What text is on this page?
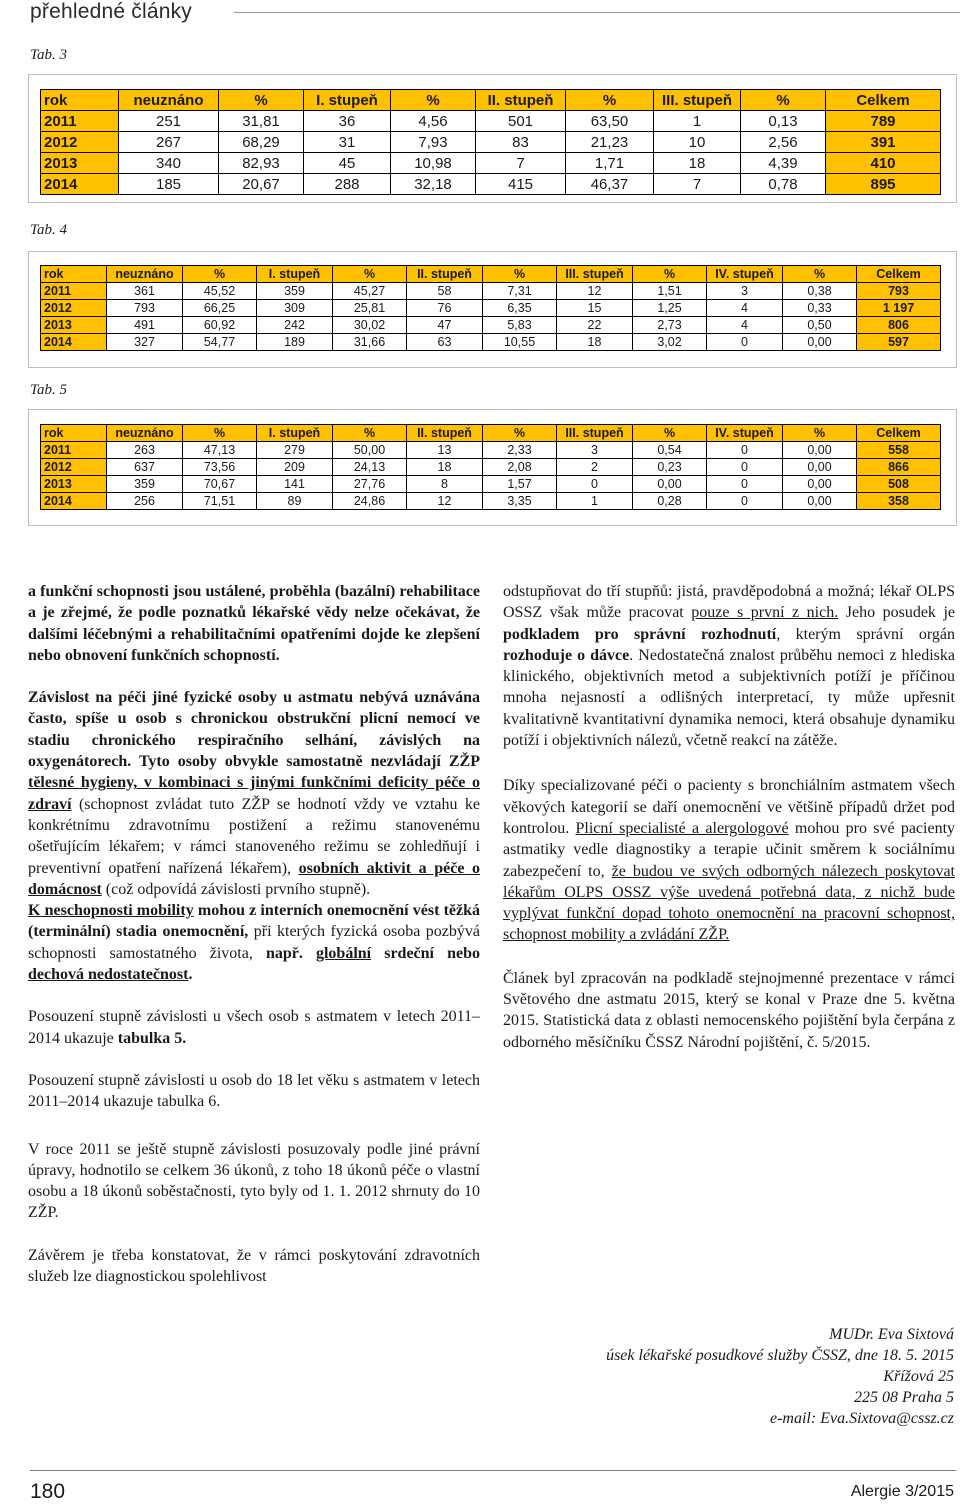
přehledné články
Tab. 3
rok	neuznáno	%	I. stupeň	%	II. stupeň	%	III. stupeň	%	Celkem
2011	251	31,81	36	4,56	501	63,50	1	0,13	789
2012	267	68,29	31	7,93	83	21,23	10	2,56	391
2013	340	82,93	45	10,98	7	1,71	18	4,39	410
2014	185	20,67	288	32,18	415	46,37	7	0,78	895
Tab. 4
rok	neuznáno	%	I. stupeň	%	II. stupeň	%	III. stupeň	%	IV. stupeň	%	Celkem
2011	361	45,52	359	45,27	58	7,31	12	1,51	3	0,38	793
2012	793	66,25	309	25,81	76	6,35	15	1,25	4	0,33	1 197
2013	491	60,92	242	30,02	47	5,83	22	2,73	4	0,50	806
2014	327	54,77	189	31,66	63	10,55	18	3,02	0	0,00	597
Tab. 5
rok	neuznáno	%	I. stupeň	%	II. stupeň	%	III. stupeň	%	IV. stupeň	%	Celkem
2011	263	47,13	279	50,00	13	2,33	3	0,54	0	0,00	558
2012	637	73,56	209	24,13	18	2,08	2	0,23	0	0,00	866
2013	359	70,67	141	27,76	8	1,57	0	0,00	0	0,00	508
2014	256	71,51	89	24,86	12	3,35	1	0,28	0	0,00	358

a funkční schopnosti jsou ustálené, proběhla (bazální) rehabilitace a je zřejmé, že podle poznatků lékařské vědy nelze očekávat, že dalšími léčebnými a rehabilitačními opatřeními dojde ke zlepšení nebo obnovení funkčních schopností.

Závislost na péči jiné fyzické osoby u astmatu nebývá uznávána často, spíše u osob s chronickou obstrukční plicní nemocí ve stadiu chronického respiračního selhání, závislých na oxygenátorech. Tyto osoby obvykle samostatně nezvládají ZŽP tělesné hygieny, v kombinaci s jinými funkčními deficity péče o zdraví (schopnost zvládat tuto ZŽP se hodnotí vždy ve vztahu ke konkrétnímu zdravotnímu postižení a režimu stanovenému ošetřujícím lékařem; v rámci stanoveného režimu se zohledňují i preventivní opatření nařízená lékařem), osobních aktivit a péče o domácnost (což odpovídá závislosti prvního stupně).

K neschopnosti mobility mohou z interních onemocnění vést těžká (terminální) stadia onemocnění, při kterých fyzická osoba pozbývá schopnosti samostatného života, např. globální srdeční nebo dechová nedostatečnost.

Posouzení stupně závislosti u všech osob s astmatem v letech 2011–2014 ukazuje tabulka 5.

Posouzení stupně závislosti u osob do 18 let věku s astmatem v letech 2011–2014 ukazuje tabulka 6.

V roce 2011 se ještě stupně závislosti posuzovaly podle jiné právní úpravy, hodnotilo se celkem 36 úkonů, z toho 18 úkonů péče o vlastní osobu a 18 úkonů soběstačnosti, tyto byly od 1. 1. 2012 shrnuty do 10 ZŽP.

Závěrem je třeba konstatovat, že v rámci poskytování zdravotních služeb lze diagnostickou spolehlivost

odstupňovat do tří stupňů: jistá, pravděpodobná a možná; lékař OLPS OSSZ však může pracovat pouze s první z nich. Jeho posudek je podkladem pro správní rozhodnutí, kterým správní orgán rozhoduje o dávce. Nedostatečná znalost průběhu nemoci z hlediska klinického, objektivních metod a subjektivních potíží je příčinou mnoha nejasností a odlišných interpretací, ty může upřesnit kvalitativně kvantitativní dynamika nemoci, která obsahuje dynamiku potíží i objektivních nálezů, včetně reakcí na zátěže.

Díky specializované péči o pacienty s bronchiálním astmatem všech věkových kategorií se daří onemocnění ve většině případů držet pod kontrolou. Plicní specialisté a alergologové mohou pro své pacienty astmatiky vedle diagnostiky a terapie učinit směrem k sociálnímu zabezpečení to, že budou ve svých odborných nálezech poskytovat lékařům OLPS OSSZ výše uvedená potřebná data, z nichž bude vyplývat funkční dopad tohoto onemocnění na pracovní schopnost, schopnost mobility a zvládání ZŽP.

Článek byl zpracován na podkladě stejnojmenné prezentace v rámci Světového dne astmatu 2015, který se konal v Praze dne 5. května 2015. Statistická data z oblasti nemocenského pojištění byla čerpána z odborného měsíčníku ČSSZ Národní pojištění, č. 5/2015.

MUDr. Eva Sixtová
úsek lékařské posudkové služby ČSSZ, dne 18. 5. 2015
Křížová 25
225 08 Praha 5
e-mail: Eva.Sixtova@cssz.cz
180	Alergie 3/2015
